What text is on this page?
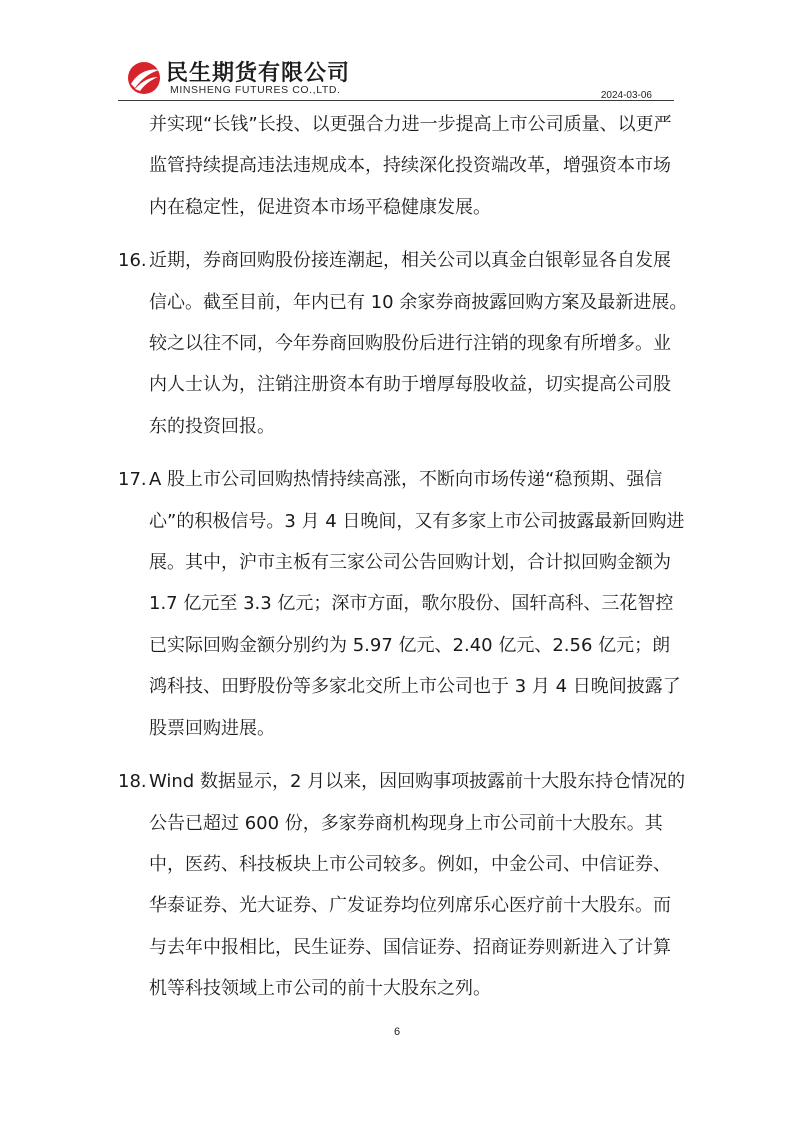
民生期货有限公司
MINSHENG FUTURES CO.,LTD.	2024-03-06

并实现“长钱”长投、以更强合力进一步提高上市公司质量、以更严监管持续提高违法违规成本，持续深化投资端改革，增强资本市场内在稳定性，促进资本市场平稳健康发展。

16. 近期，券商回购股份接连潮起，相关公司以真金白银彰显各自发展信心。截至目前，年内已有 10 余家券商披露回购方案及最新进展。较之以往不同，今年券商回购股份后进行注销的现象有所增多。业内人士认为，注销注册资本有助于增厚每股收益，切实提高公司股东的投资回报。
17. A 股上市公司回购热情持续高涨，不断向市场传递“稳预期、强信心”的积极信号。3 月 4 日晚间，又有多家上市公司披露最新回购进展。其中，沪市主板有三家公司公告回购计划，合计拟回购金额为 1.7 亿元至 3.3 亿元；深市方面，歌尔股份、国轩高科、三花智控已实际回购金额分别约为 5.97 亿元、2.40 亿元、2.56 亿元；朗鸿科技、田野股份等多家北交所上市公司也于 3 月 4 日晚间披露了股票回购进展。
18. Wind 数据显示，2 月以来，因回购事项披露前十大股东持仓情况的公告已超过 600 份，多家券商机构现身上市公司前十大股东。其中，医药、科技板块上市公司较多。例如，中金公司、中信证券、华泰证券、光大证券、广发证券均位列席乐心医疗前十大股东。而与去年中报相比，民生证券、国信证券、招商证券则新进入了计算机等科技领域上市公司的前十大股东之列。
6
